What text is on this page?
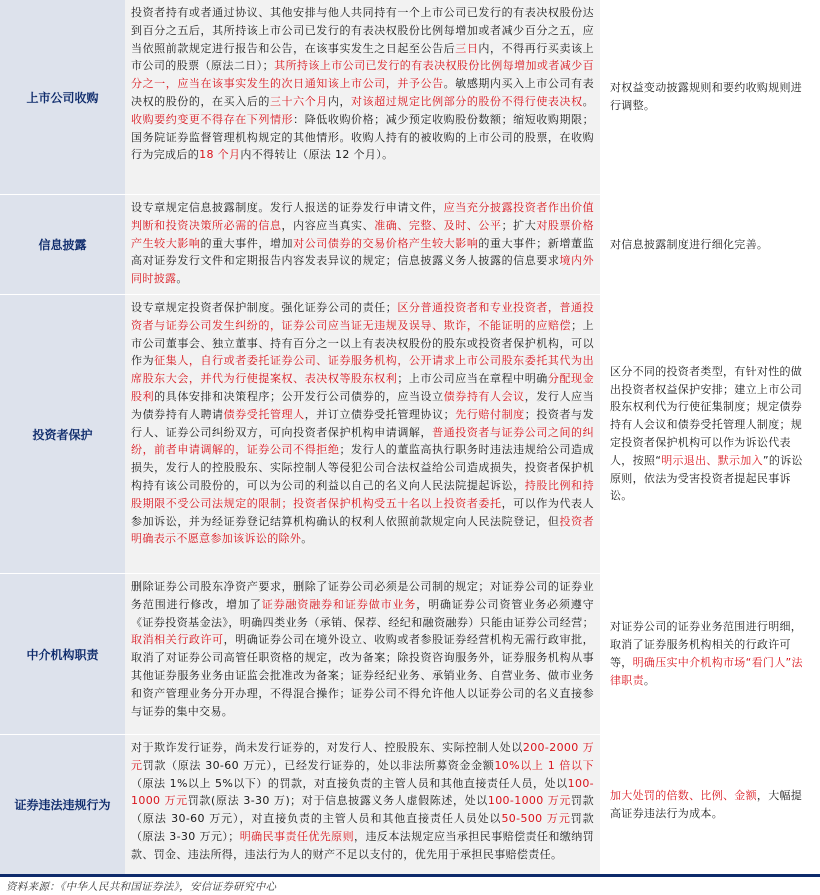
上市公司收购

投资者持有或者通过协议、其他安排与他人共同持有一个上市公司已发行的有表决权股份达到百分之五后，其所持该上市公司已发行的有表决权股份比例每增加或者减少百分之五，应当依照前款规定进行报告和公告，在该事实发生之日起至公告后三日内，不得再行买卖该上市公司的股票（原法二日）；其所持该上市公司已发行的有表决权股份比例每增加或者减少百分之一，应当在该事实发生的次日通知该上市公司，并予公告。敏感期内买入上市公司有表决权的股份的，在买入后的三十六个月内，对该超过规定比例部分的股份不得行使表决权。收购要约变更不得存在下列情形：降低收购价格；减少预定收购股份数额；缩短收购期限；国务院证券监督管理机构规定的其他情形。收购人持有的被收购的上市公司的股票，在收购行为完成后的18 个月内不得转让（原法 12 个月）。

对权益变动披露规则和要约收购规则进行调整。

信息披露

设专章规定信息披露制度。发行人报送的证券发行申请文件，应当充分披露投资者作出价值判断和投资决策所必需的信息，内容应当真实、准确、完整、及时、公平；扩大对股票价格产生较大影响的重大事件，增加对公司债券的交易价格产生较大影响的重大事件；新增董监高对证券发行文件和定期报告内容发表异议的规定；信息披露义务人披露的信息要求境内外同时披露。

对信息披露制度进行细化完善。

投资者保护

设专章规定投资者保护制度。强化证券公司的责任；区分普通投资者和专业投资者，普通投资者与证券公司发生纠纷的，证券公司应当证无违规及误导、欺诈，不能证明的应赔偿；上市公司董事会、独立董事、持有百分之一以上有表决权股份的股东或投资者保护机构，可以作为征集人，自行或者委托证券公司、证券服务机构，公开请求上市公司股东委托其代为出席股东大会，并代为行使提案权、表决权等股东权利；上市公司应当在章程中明确分配现金股利的具体安排和决策程序；公开发行公司债券的，应当设立债券持有人会议，发行人应当为债券持有人聘请债券受托管理人，并订立债券受托管理协议；先行赔付制度；投资者与发行人、证券公司纠纷双方，可向投资者保护机构申请调解，普通投资者与证券公司之间的纠纷，前者申请调解的，证券公司不得拒绝；发行人的董监高执行职务时违法违规给公司造成损失，发行人的控股股东、实际控制人等侵犯公司合法权益给公司造成损失，投资者保护机构持有该公司股份的，可以为公司的利益以自己的名义向人民法院提起诉讼，持股比例和持股期限不受公司法规定的限制；投资者保护机构受五十名以上投资者委托，可以作为代表人参加诉讼，并为经证券登记结算机构确认的权利人依照前款规定向人民法院登记，但投资者明确表示不愿意参加该诉讼的除外。

区分不同的投资者类型，有针对性的做出投资者权益保护安排；建立上市公司股东权利代为行使征集制度；规定债券持有人会议和债券受托管理人制度；规定投资者保护机构可以作为诉讼代表人，按照“明示退出、默示加入”的诉讼原则，依法为受害投资者提起民事诉讼。

中介机构职责

删除证券公司股东净资产要求，删除了证券公司必须是公司制的规定；对证券公司的证券业务范围进行修改，增加了证券融资融券和证券做市业务，明确证券公司资管业务必须遵守《证券投资基金法》，明确四类业务（承销、保荐、经纪和融资融券）只能由证券公司经营；取消相关行政许可，明确证券公司在境外设立、收购或者参股证券经营机构无需行政审批，取消了对证券公司高管任职资格的规定，改为备案；除投资咨询服务外，证券服务机构从事其他证券服务业务由证监会批准改为备案；证券经纪业务、承销业务、自营业务、做市业务和资产管理业务分开办理，不得混合操作；证券公司不得允许他人以证券公司的名义直接参与证券的集中交易。

对证券公司的证券业务范围进行明细，取消了证券服务机构相关的行政许可等，明确压实中介机构市场“看门人”法律职责。

证券违法违规行为

对于欺诈发行证券，尚未发行证券的，对发行人、控股股东、实际控制人处以200-2000 万元罚款（原法 30-60 万元），已经发行证券的，处以非法所募资金金额10%以上 1 倍以下（原法 1%以上 5%以下）的罚款，对直接负责的主管人员和其他直接责任人员，处以100-1000 万元罚款(原法 3-30 万)；对于信息披露义务人虚假陈述，处以100-1000 万元罚款（原法 30-60 万元），对直接负责的主管人员和其他直接责任人员处以50-500 万元罚款（原法 3-30 万元）；明确民事责任优先原则，违反本法规定应当承担民事赔偿责任和缴纳罚款、罚金、违法所得，违法行为人的财产不足以支付的，优先用于承担民事赔偿责任。

加大处罚的倍数、比例、金额，大幅提高证券违法行为成本。

资料来源：《中华人民共和国证券法》，安信证券研究中心
